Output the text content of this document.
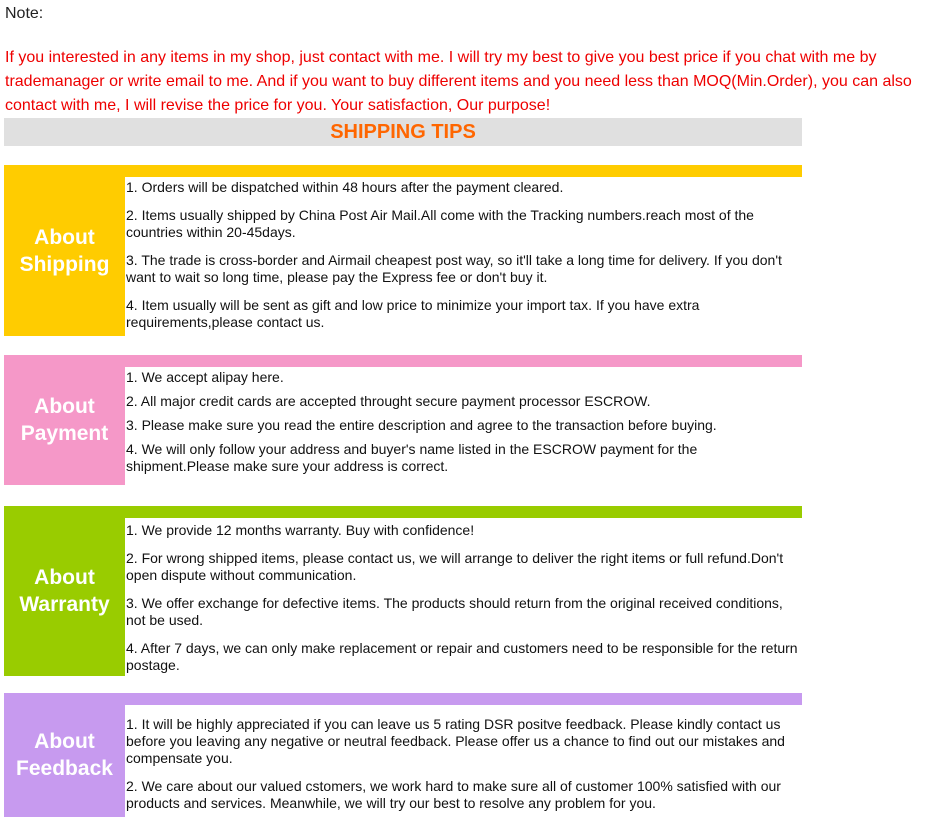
Note:
If you interested in any items in my shop, just contact with me. I will try my best to give you best price if you chat with me by trademanager or write email to me. And if you want to buy different items and you need less than MOQ(Min.Order), you can also contact with me, I will revise the price for you. Your satisfaction, Our purpose!
SHIPPING TIPS
About
Shipping
1. Orders will be dispatched within 48 hours after the payment cleared.
2. Items usually shipped by China Post Air Mail.All come with the Tracking numbers.reach most of the countries within 20-45days.
3. The trade is cross-border and Airmail cheapest post way, so it'll take a long time for delivery. If you don't want to wait so long time, please pay the Express fee or don't buy it.
4. Item usually will be sent as gift and low price to minimize your import tax. If you have extra requirements,please contact us.
About
Payment
1. We accept alipay here.
2. All major credit cards are accepted throught secure payment processor ESCROW.
3. Please make sure you read the entire description and agree to the transaction before buying.
4. We will only follow your address and buyer's name listed in the ESCROW payment for the shipment.Please make sure your address is correct.
About
Warranty
1. We provide 12 months warranty. Buy with confidence!
2. For wrong shipped items, please contact us, we will arrange to deliver the right items or full refund.Don't open dispute without communication.
3. We offer exchange for defective items. The products should return from the original received conditions, not be used.
4. After 7 days, we can only make replacement or repair and customers need to be responsible for the return postage.
About
Feedback
1. It will be highly appreciated if you can leave us 5 rating DSR positve feedback. Please kindly contact us before you leaving any negative or neutral feedback. Please offer us a chance to find out our mistakes and compensate you.
2. We care about our valued cstomers, we work hard to make sure all of customer 100% satisfied with our products and services. Meanwhile, we will try our best to resolve any problem for you.
